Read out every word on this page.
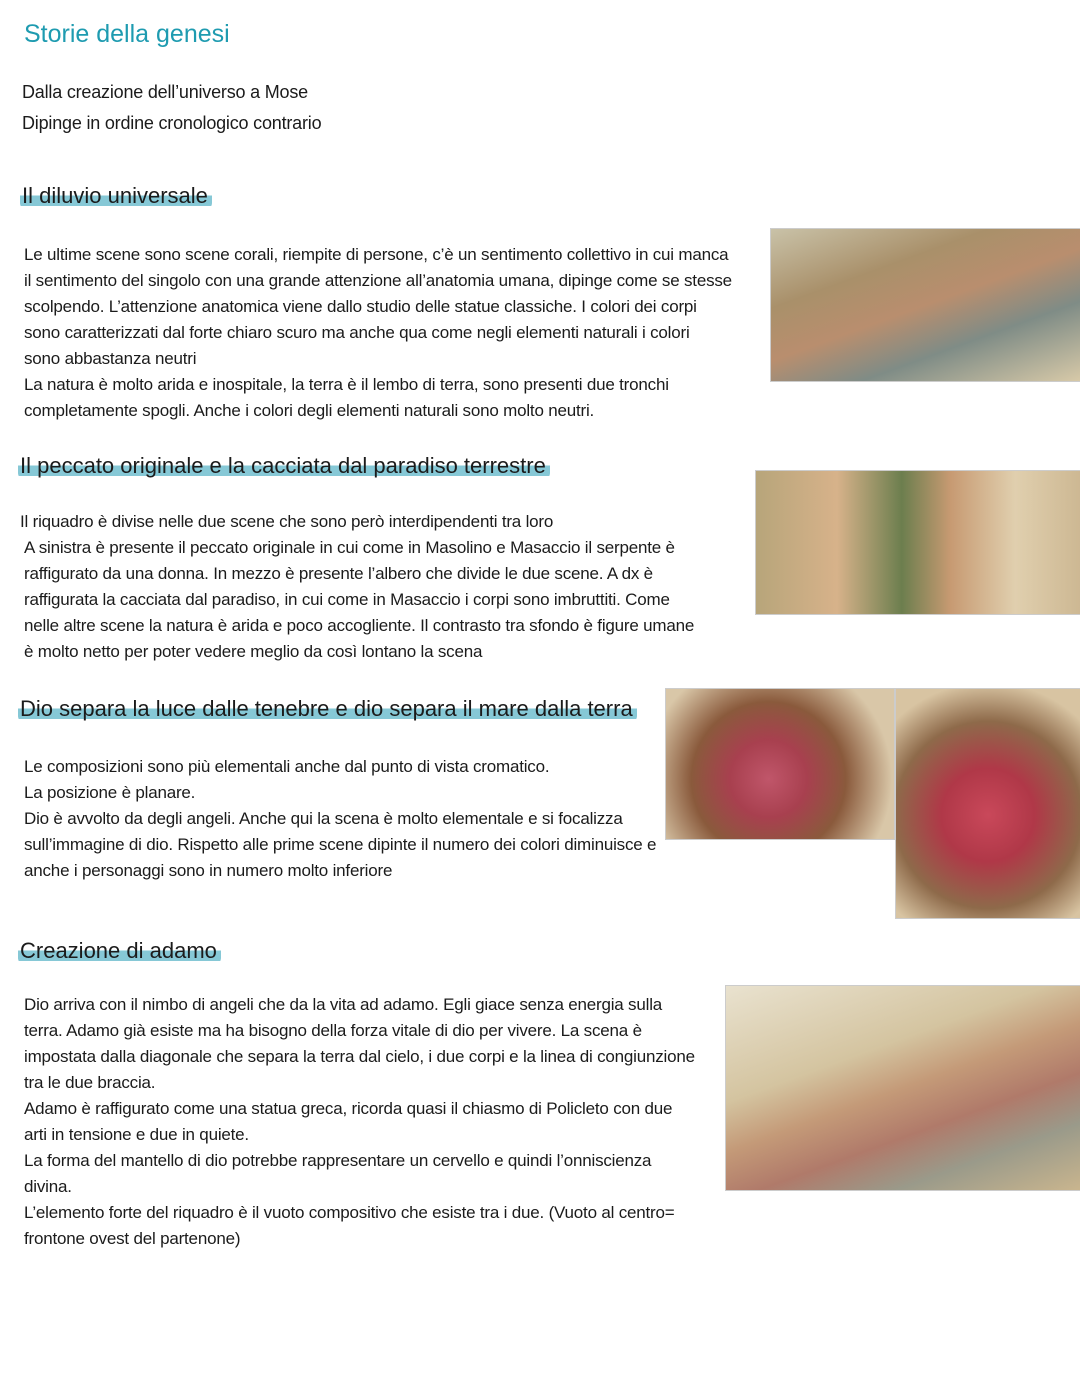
Storie della genesi
Dalla creazione dell’universo a Mose
Dipinge in ordine cronologico contrario
Il diluvio universale
Le ultime scene sono scene corali, riempite di persone, c’è un sentimento collettivo in cui manca
il sentimento del singolo con una grande attenzione all’anatomia umana, dipinge come se stesse
scolpendo. L’attenzione anatomica viene dallo studio delle statue classiche. I colori dei corpi
sono caratterizzati dal forte chiaro scuro ma anche qua come negli elementi naturali i colori
sono abbastanza neutri
La natura è molto arida e inospitale, la terra è il lembo di terra, sono presenti due tronchi
completamente spogli. Anche i colori degli elementi naturali sono molto neutri.
Il peccato originale e la cacciata dal paradiso terrestre
Il riquadro è divise nelle due scene che sono però interdipendenti tra loro
A sinistra è presente il peccato originale in cui come in Masolino e Masaccio il serpente è
raffigurato da una donna. In mezzo è presente l’albero che divide le due scene. A dx è
raffigurata la cacciata dal paradiso, in cui come in Masaccio i corpi sono imbruttiti. Come
nelle altre scene la natura è arida e poco accogliente. Il contrasto tra sfondo è figure umane
è molto netto per poter vedere meglio da così lontano la scena
Dio separa la luce dalle tenebre e dio separa il mare dalla terra
Le composizioni sono più elementali anche dal punto di vista cromatico.
La posizione è planare.
Dio è avvolto da degli angeli. Anche qui la scena è molto elementale e si focalizza
sull’immagine di dio. Rispetto alle prime scene dipinte il numero dei colori diminuisce e
anche i personaggi sono in numero molto inferiore
Creazione di adamo
Dio arriva con il nimbo di angeli che da la vita ad adamo. Egli giace senza energia sulla
terra. Adamo già esiste ma ha bisogno della forza vitale di dio per vivere. La scena è
impostata dalla diagonale che separa la terra dal cielo, i due corpi e la linea di congiunzione
tra le due braccia.
Adamo è raffigurato come una statua greca, ricorda quasi il chiasmo di Policleto con due
arti in tensione e due in quiete.
La forma del mantello di dio potrebbe rappresentare un cervello e quindi l’onniscienza
divina.
L’elemento forte del riquadro è il vuoto compositivo che esiste tra i due. (Vuoto al centro=
frontone ovest del partenone)
